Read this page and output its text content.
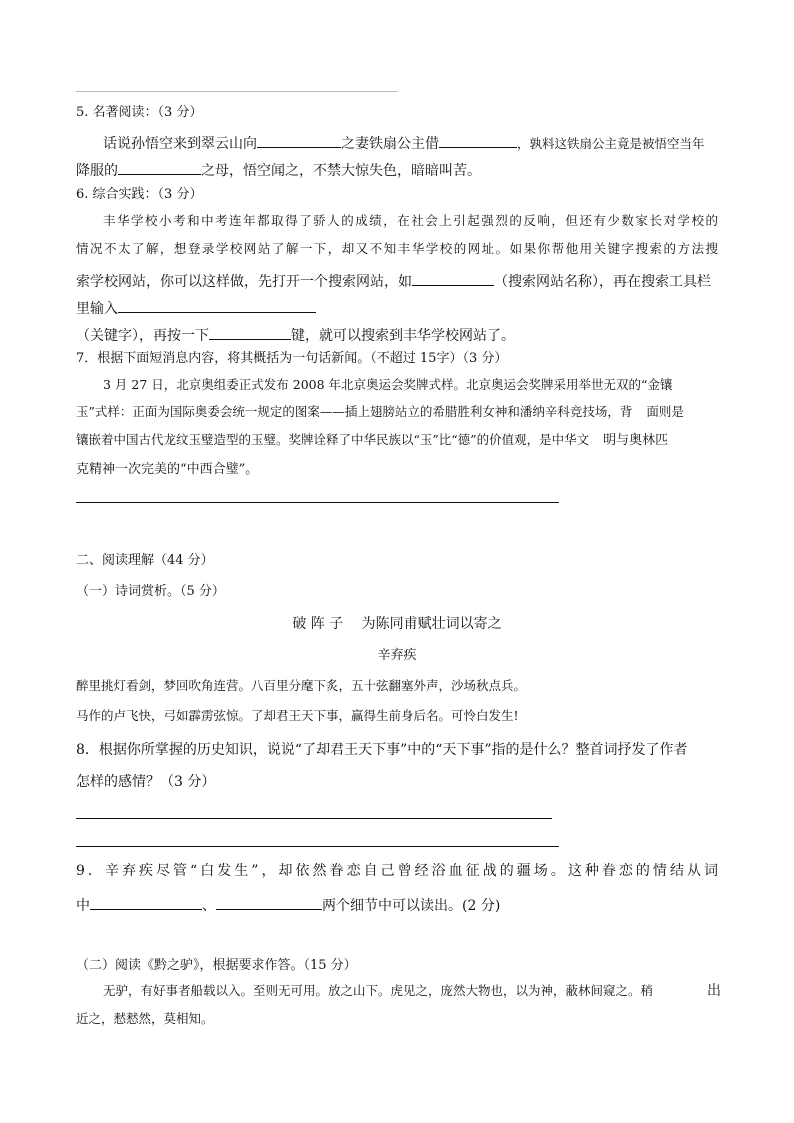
5. 名著阅读：（3 分）
话说孙悟空来到翠云山向	之妻铁扇公主借	，孰料这铁扇公主竟是被悟空当年
降服的	之母，悟空闻之，不禁大惊失色，暗暗叫苦。
6. 综合实践：（3 分）
丰华学校小考和中考连年都取得了骄人的成绩，在社会上引起强烈的反响，但还有少数家长对学校的
情况不太了解，想登录学校网站了解一下，却又不知丰华学校的网址。如果你帮他用关键字搜索的方法搜
索学校网站，你可以这样做，先打开一个搜索网站，如	（搜索网站名称），再在搜索工具栏
里输入
（关键字），再按一下	键，就可以搜索到丰华学校网站了。
7．根据下面短消息内容，将其概括为一句话新闻。（不超过 15字）（3 分）
3 月 27 日，北京奥组委正式发布 2008 年北京奥运会奖牌式样。北京奥运会奖牌采用举世无双的“金镶
玉”式样：正面为国际奥委会统一规定的图案——插上翅膀站立的希腊胜利女神和潘纳辛科竞技场，背 面则是
镶嵌着中国古代龙纹玉璧造型的玉璧。奖牌诠释了中华民族以“玉”比“德”的价值观，是中华文 明与奥林匹
克精神一次完美的“中西合璧”。
二、阅读理解（44 分）
（一）诗词赏析。（5 分）
破 阵 子　 为陈同甫赋壮词以寄之
辛弃疾
醉里挑灯看剑，梦回吹角连营。八百里分麾下炙，五十弦翻塞外声，沙场秋点兵。
马作的卢飞快，弓如霹雳弦惊。了却君王天下事，赢得生前身后名。可怜白发生!
8．根据你所掌握的历史知识，说说“了却君王天下事”中的“天下事”指的是什么？整首词抒发了作者
怎样的感情？（3 分）
9．辛弃疾尽管“白发生”，却依然眷恋自己曾经浴血征战的疆场。这种眷恋的情结从词
中	、	两个细节中可以读出。(2 分)
（二）阅读《黔之驴》，根据要求作答。（15 分）
无驴，有好事者船载以入。至则无可用。放之山下。虎见之，庞然大物也，以为神，蔽林间窥之。稍	出
近之，慭慭然，莫相知。
